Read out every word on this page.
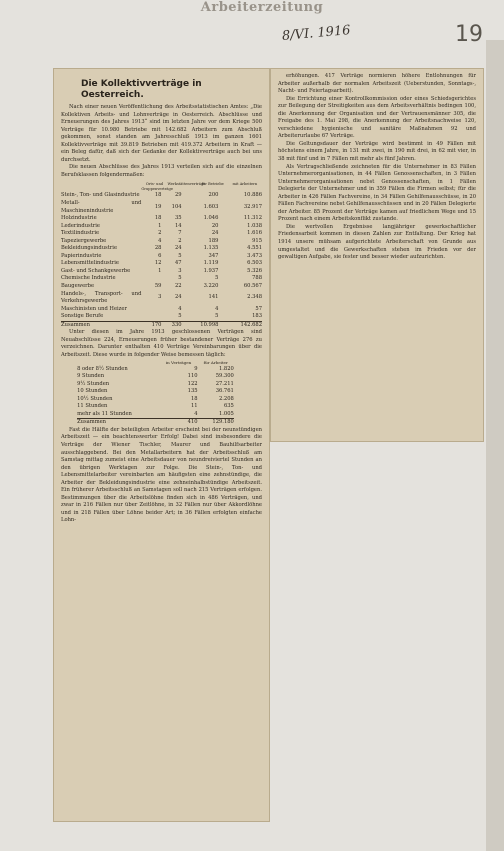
Arbeiterzeitung
8/VI. 1916	19
Die Kollektivverträge in Oesterreich.

Nach einer neuen Veröffentlichung des Arbeitsstatistischen Amtes: „Die Kollektiven Arbeits- und Lohnverträge in Oesterreich. Abschlüsse und Erneuerungen des Jahres 1913“ sind im letzten Jahre vor dem Kriege 500 Verträge für 10.980 Betriebe mit 142.682 Arbeitern zum Abschluß gekommen, sonst standen am Jahresschluß 1913 im ganzen 1601 Kollektivverträge mit 39.819 Betrieben mit 419.372 Arbeitern in Kraft — ein Beleg dafür, daß sich der Gedanke der Kollektivverträge auch bei uns durchsetzt.

Die neuen Abschlüsse des Jahres 1913 verteilen sich auf die einzelnen Berufsklassen folgendermaßen:

Orts- und Gruppenverträge
Werkstättenverträge
für Betriebe	mit Arbeitern
Stein-, Ton- und Glasindustrie	18	29	200	10.886
Metall- und Maschinenindustrie	19	104	1.603	32.917
Holzindustrie	18	35	1.046	11.312
Lederindustrie	1	14	20	1.038
Textilindustrie	2	7	24	1.616
Tapeziergewerbe	4	2	189	915
Bekleidungsindustrie	28	24	1.135	4.551
Papierindustrie	6	5	347	3.473
Lebensmittelindustrie	12	47	1.119	6.503
Gast- und Schankgewerbe	1	3	1.937	5.326
Chemische Industrie		5	5	788
Baugewerbe	59	22	3.220	60.567
Handels-, Transport- und Verkehrsgewerbe	3	24	141	2.348
Maschinisten und Heizer		4	4	57
Sonstige Berufe		5	5	183
Zusammen	170	330	10.998	142.682

Unter diesen im Jahre 1913 geschlossenen Verträgen sind Neuabschlüsse 224, Erneuerungen früher bestandener Verträge 276 zu verzeichnen. Darunter enthalten 410 Verträge Vereinbarungen über die Arbeitszeit. Diese wurde in folgender Weise bemessen täglich:

	in Verträgen	für Arbeiter
8 oder 8½ Stunden	9	1.820
9 Stunden	110	59.300
9½ Stunden	122	27.211
10 Stunden	135	36.761
10½ Stunden	18	2.208
11 Stunden	11	635
mehr als 11 Stunden	4	1.005
Zusammen	410	129.180

Fast die Hälfte der beteiligten Arbeiter erscheint bei der neunstündigen Arbeitszeit — ein beachtenswerter Erfolg! Dabei sind insbesondere die Verträge der Wiener Tischler, Maurer und Bauhilfsarbeiter ausschlaggebend. Bei den Metallarbeitern hat der Arbeitsschluß am Samstag mittag zumeist eine Arbeitsdauer von neundreiviertel Stunden an den übrigen Werktagen zur Folge. Die Stein-, Ton- und Lebensmittelarbeiter vereinbarten am häufigsten eine zehnstündige, die Arbeiter der Bekleidungsindustrie eine zehneinhalbstündige Arbeitszeit. Ein früherer Arbeitsschluß an Samstagen soll nach 215 Verträgen erfolgen. Bestimmungen über die Arbeitslöhne finden sich in 486 Verträgen, und zwar in 216 Fällen nur über Zeitlöhne, in 32 Fällen nur über Akkordlöhne und in 218 Fällen über Löhne beider Art; in 36 Fällen erfolgten einfache Lohn-

erhöhungen. 417 Verträge normieren höhere Entlohnungen für Arbeiter außerhalb der normalen Arbeitszeit (Ueberstunden, Sonntags-, Nacht- und Feiertagsarbeit).

Die Errichtung einer Kontrollkommission oder eines Schiedsgerichtes zur Beilegung der Streitigkeiten aus dem Arbeitsverhältnis bedingen 100, die Anerkennung der Organisation und der Vertrauensmänner 305, die Freigabe des 1. Mai 298, die Anerkennung der Arbeitsnachweise 120, verschiedene hygienische und sanitäre Maßnahmen 92 und Arbeiterurlaube 67 Verträge.

Die Geltungsdauer der Verträge wird bestimmt in 49 Fällen mit höchstens einem Jahre, in 131 mit zwei, in 190 mit drei, in 62 mit vier, in 38 mit fünf und in 7 Fällen mit mehr als fünf Jahren.

Als Vertragschließende zeichneten für die Unternehmer in 83 Fällen Unternehmerorganisationen, in 44 Fällen Genossenschaften, in 3 Fällen Unternehmerorganisationen nebst Genossenschaften, in 1 Fällen Delegierte der Unternehmer und in 359 Fällen die Firmen selbst; für die Arbeiter in 426 Fällen Fachvereine, in 34 Fällen Gehilfenausschüsse, in 20 Fällen Fachvereine nebst Gehilfenausschüssen und in 20 Fällen Delegierte der Arbeiter. 85 Prozent der Verträge kamen auf friedlichem Wege und 15 Prozent nach einem Arbeitskonflikt zustande.

Die wertvollen Ergebnisse langjähriger gewerkschaftlicher Friedensarbeit kommen in diesen Zahlen zur Entfaltung. Der Krieg hat 1914 unsere mühsam aufgerichtete Arbeiterschaft von Grunde aus umgestaltet und die Gewerkschaften stehen im Frieden vor der gewaltigen Aufgabe, sie fester und besser wieder aufzurichten.
